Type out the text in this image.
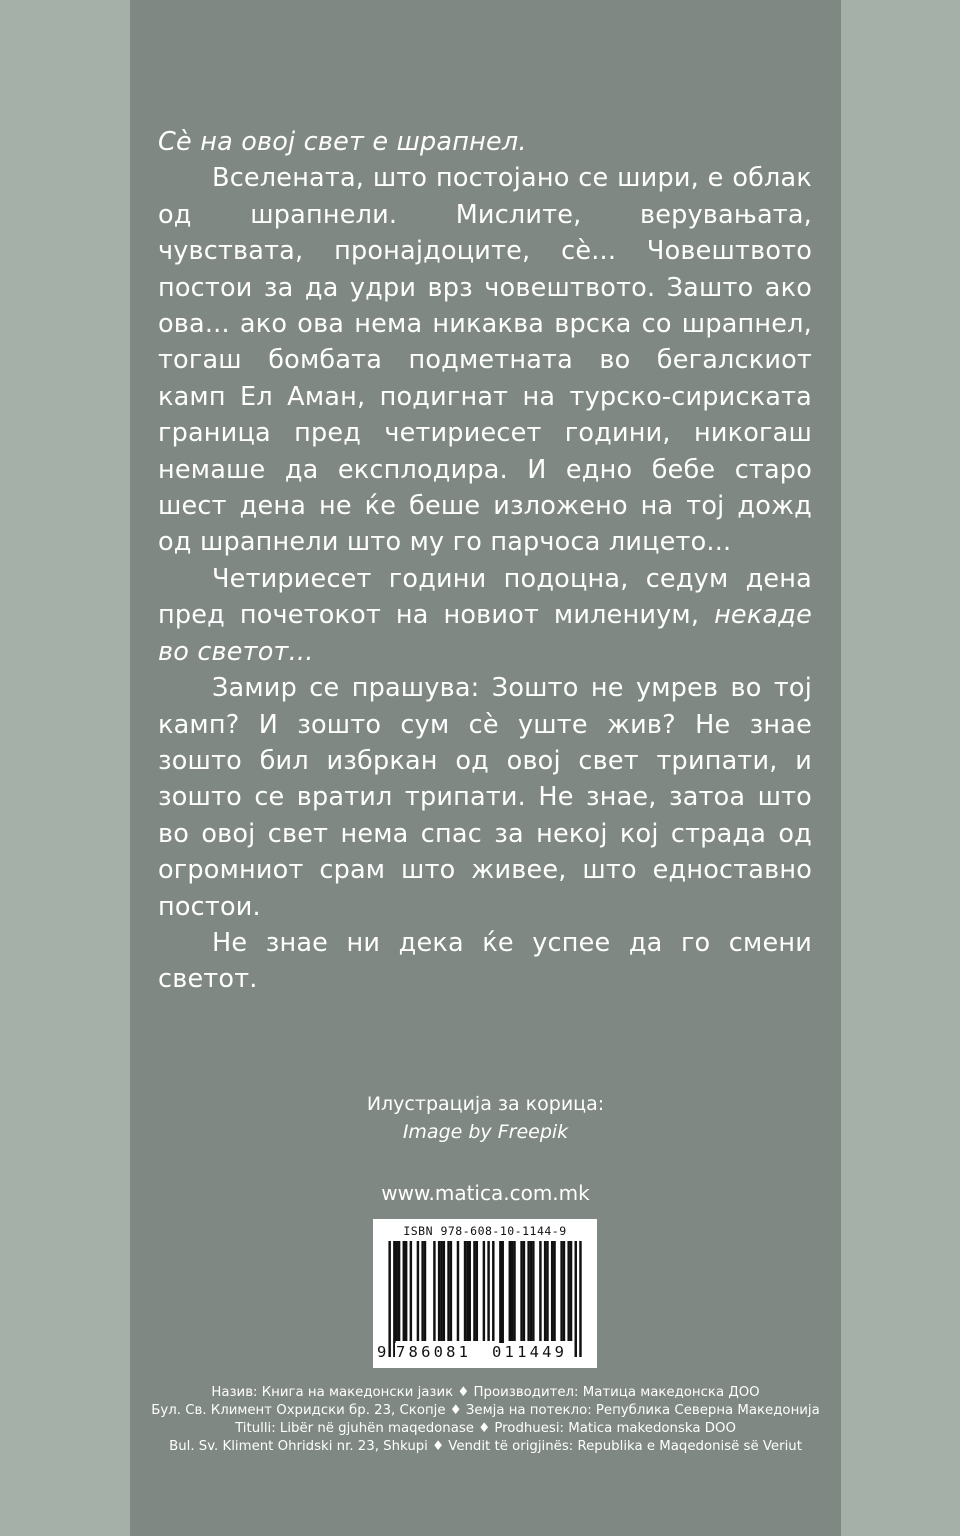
Сѐ на овој свет е шрапнел.

Вселената, што постојано се шири, е облак од шрапнели. Мислите, верувањата, чувствата, пронајдоците, сѐ... Човештвото постои за да удри врз човештвото. Зашто ако ова... ако ова нема никаква врска со шрапнел, тогаш бомбата подметната во бегалскиот камп Ел Аман, подигнат на турско-сириската граница пред четириесет години, никогаш немаше да експлодира. И едно бебе старо шест дена не ќе беше изложено на тој дожд од шрапнели што му го парчоса лицето...

Четириесет години подоцна, седум дена пред почетокот на новиот милениум, некаде во светот...

Замир се прашува: Зошто не умрев во тој камп? И зошто сум сѐ уште жив? Не знае зошто бил избркан од овој свет трипати, и зошто се вратил трипати. Не знае, затоа што во овој свет нема спас за некој кој страда од огромниот срам што живее, што едноставно постои.

Не знае ни дека ќе успее да го смени светот.

Илустрација за корица:
Image by Freepik
www.matica.com.mk
ISBN 978-608-10-1144-9
9 786081 011449
Назив: Книга на македонски јазик ♦ Производител: Матица македонска ДОО
Бул. Св. Климент Охридски бр. 23, Скопје ♦ Земја на потекло: Република Северна Македонија
Titulli: Libër në gjuhën maqedonase ♦ Prodhuesi: Matica makedonska DOO
Bul. Sv. Kliment Ohridski nr. 23, Shkupi ♦ Vendit të origjinës: Republika e Maqedonisë së Veriut
